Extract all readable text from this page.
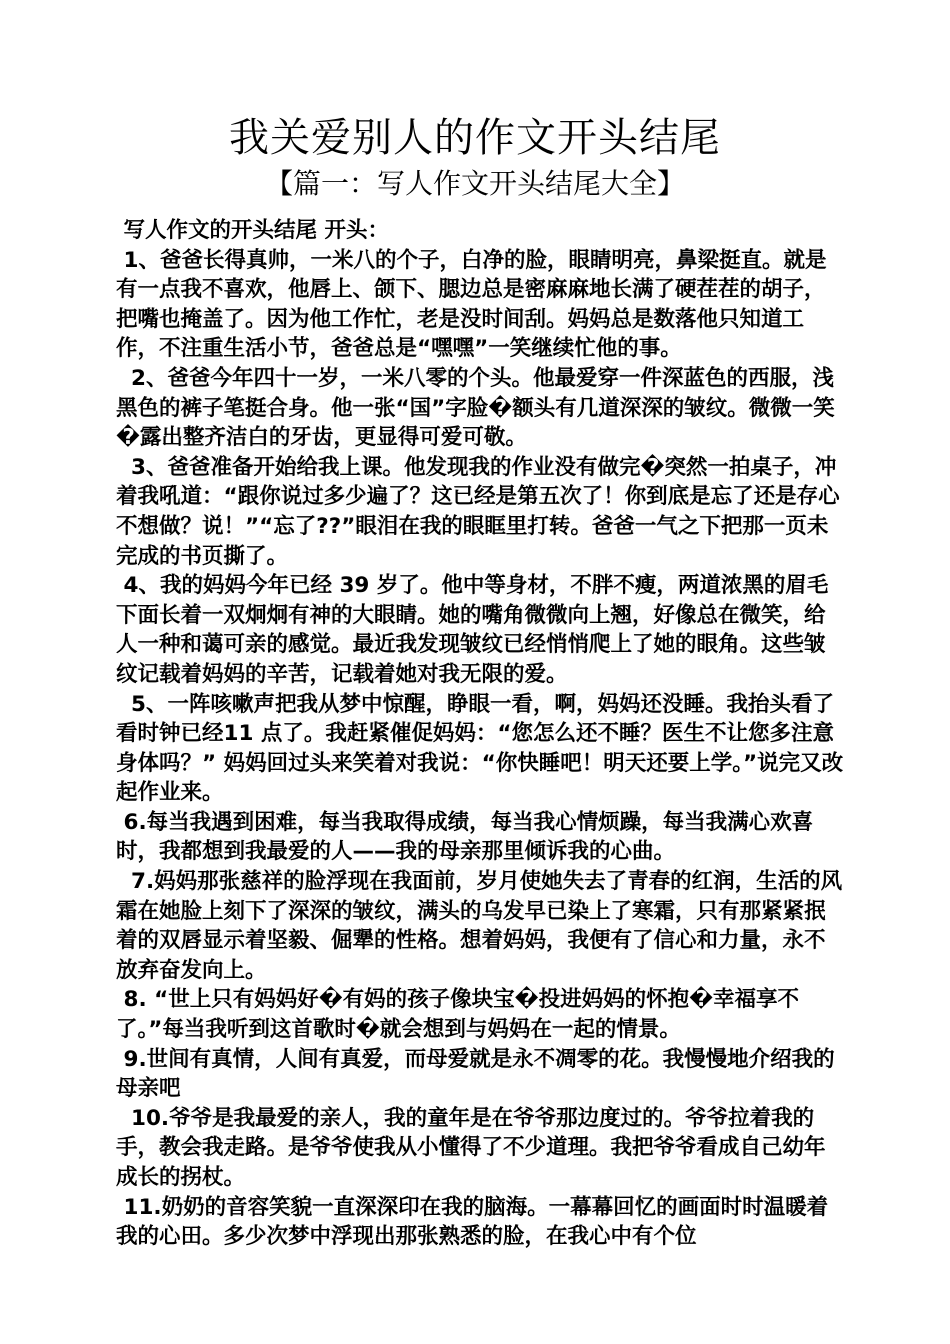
我关爱别人的作文开头结尾
【篇一：写人作文开头结尾大全】

写人作文的开头结尾 开头：

1、爸爸长得真帅，一米八的个子，白净的脸，眼睛明亮，鼻梁挺直。就是有一点我不喜欢，他唇上、颌下、腮边总是密麻麻地长满了硬茬茬的胡子，把嘴也掩盖了。因为他工作忙，老是没时间刮。妈妈总是数落他只知道工作，不注重生活小节，爸爸总是“嘿嘿”一笑继续忙他的事。

2、爸爸今年四十一岁，一米八零的个头。他最爱穿一件深蓝色的西服，浅黑色的裤子笔挺合身。他一张“国”字脸�额头有几道深深的皱纹。微微一笑�露出整齐洁白的牙齿，更显得可爱可敬。

3、爸爸准备开始给我上课。他发现我的作业没有做完�突然一拍桌子，冲着我吼道：“跟你说过多少遍了？这已经是第五次了！你到底是忘了还是存心不想做？说！”“忘了??”眼泪在我的眼眶里打转。爸爸一气之下把那一页未完成的书页撕了。

4、我的妈妈今年已经 39 岁了。他中等身材，不胖不瘦，两道浓黑的眉毛下面长着一双炯炯有神的大眼睛。她的嘴角微微向上翘，好像总在微笑，给人一种和蔼可亲的感觉。最近我发现皱纹已经悄悄爬上了她的眼角。这些皱纹记载着妈妈的辛苦，记载着她对我无限的爱。

5、一阵咳嗽声把我从梦中惊醒，睁眼一看，啊，妈妈还没睡。我抬头看了看时钟已经11 点了。我赶紧催促妈妈：“您怎么还不睡？医生不让您多注意身体吗？” 妈妈回过头来笑着对我说：“你快睡吧！明天还要上学。”说完又改起作业来。

6.每当我遇到困难，每当我取得成绩，每当我心情烦躁，每当我满心欢喜时，我都想到我最爱的人——我的母亲那里倾诉我的心曲。

7.妈妈那张慈祥的脸浮现在我面前，岁月使她失去了青春的红润，生活的风霜在她脸上刻下了深深的皱纹，满头的乌发早已染上了寒霜，只有那紧紧抿着的双唇显示着坚毅、倔犟的性格。想着妈妈，我便有了信心和力量，永不放弃奋发向上。

8. “世上只有妈妈好�有妈的孩子像块宝�投进妈妈的怀抱�幸福享不了。”每当我听到这首歌时�就会想到与妈妈在一起的情景。

9.世间有真情，人间有真爱，而母爱就是永不凋零的花。我慢慢地介绍我的母亲吧

10.爷爷是我最爱的亲人，我的童年是在爷爷那边度过的。爷爷拉着我的手，教会我走路。是爷爷使我从小懂得了不少道理。我把爷爷看成自己幼年成长的拐杖。

11.奶奶的音容笑貌一直深深印在我的脑海。一幕幕回忆的画面时时温暖着我的心田。多少次梦中浮现出那张熟悉的脸，在我心中有个位
